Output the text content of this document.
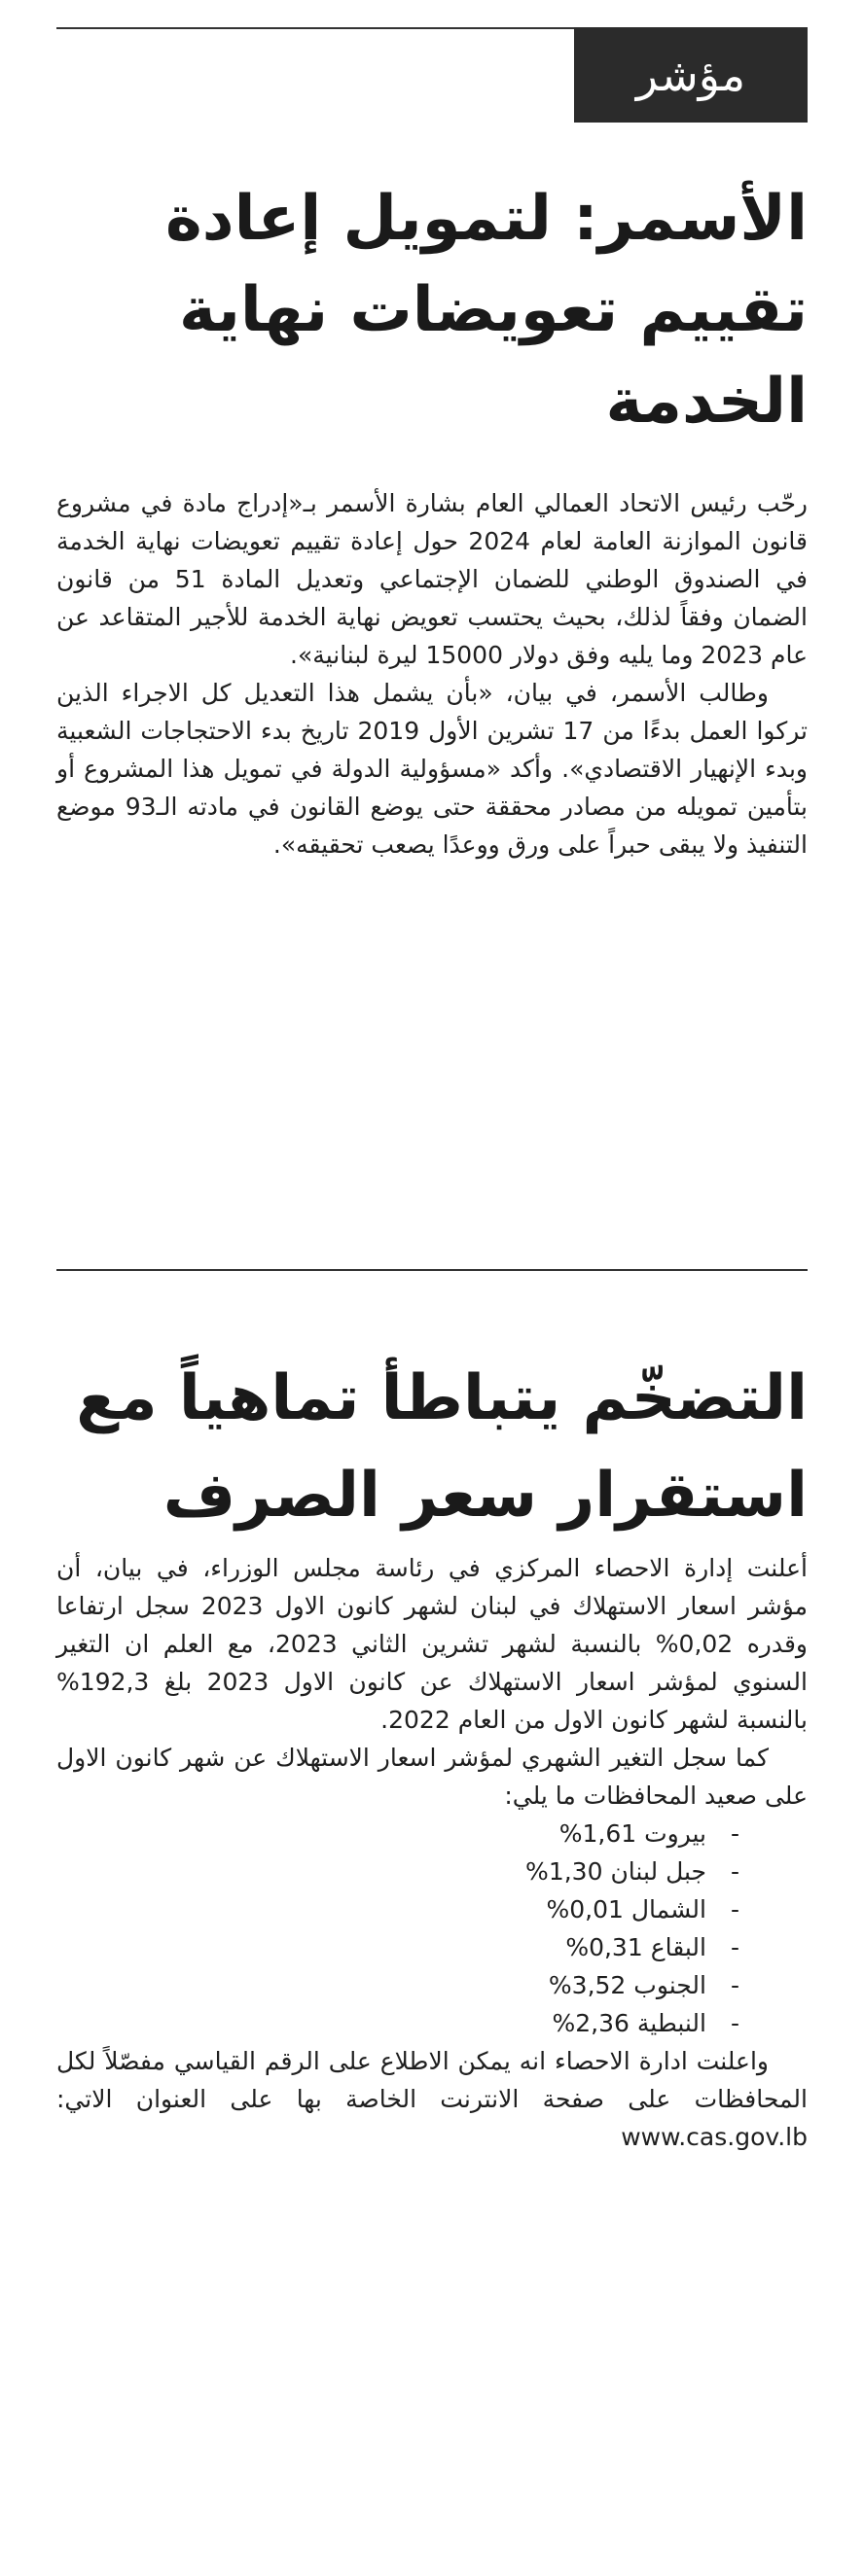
مؤشر
الأسمر: لتمويل إعادة تقييم تعويضات نهاية الخدمة

رحّب رئيس الاتحاد العمالي العام بشارة الأسمر بـ«إدراج مادة في مشروع قانون الموازنة العامة لعام 2024 حول إعادة تقييم تعويضات نهاية الخدمة في الصندوق الوطني للضمان الإجتماعي وتعديل المادة 51 من قانون الضمان وفقاً لذلك، بحيث يحتسب تعويض نهاية الخدمة للأجير المتقاعد عن عام 2023 وما يليه وفق دولار 15000 ليرة لبنانية».

وطالب الأسمر، في بيان، «بأن يشمل هذا التعديل كل الاجراء الذين تركوا العمل بدءًا من 17 تشرين الأول 2019 تاريخ بدء الاحتجاجات الشعبية وبدء الإنهيار الاقتصادي». وأكد «مسؤولية الدولة في تمويل هذا المشروع أو بتأمين تمويله من مصادر محققة حتى يوضع القانون في مادته الـ93 موضع التنفيذ ولا يبقى حبراً على ورق ووعدًا يصعب تحقيقه».

التضخّم يتباطأ تماهياً مع استقرار سعر الصرف

أعلنت إدارة الاحصاء المركزي في رئاسة مجلس الوزراء، في بيان، أن مؤشر اسعار الاستهلاك في لبنان لشهر كانون الاول 2023 سجل ارتفاعا وقدره 0,02% بالنسبة لشهر تشرين الثاني 2023، مع العلم ان التغير السنوي لمؤشر اسعار الاستهلاك عن كانون الاول 2023 بلغ 192,3% بالنسبة لشهر كانون الاول من العام 2022.

كما سجل التغير الشهري لمؤشر اسعار الاستهلاك عن شهر كانون الاول على صعيد المحافظات ما يلي:

-بيروت 1,61%
-جبل لبنان 1,30%
-الشمال 0,01%
-البقاع 0,31%
-الجنوب 3,52%
-النبطية 2,36%

واعلنت ادارة الاحصاء انه يمكن الاطلاع على الرقم القياسي مفصّلاً لكل المحافظات على صفحة الانترنت الخاصة بها على العنوان الاتي: www.cas.gov.lb
